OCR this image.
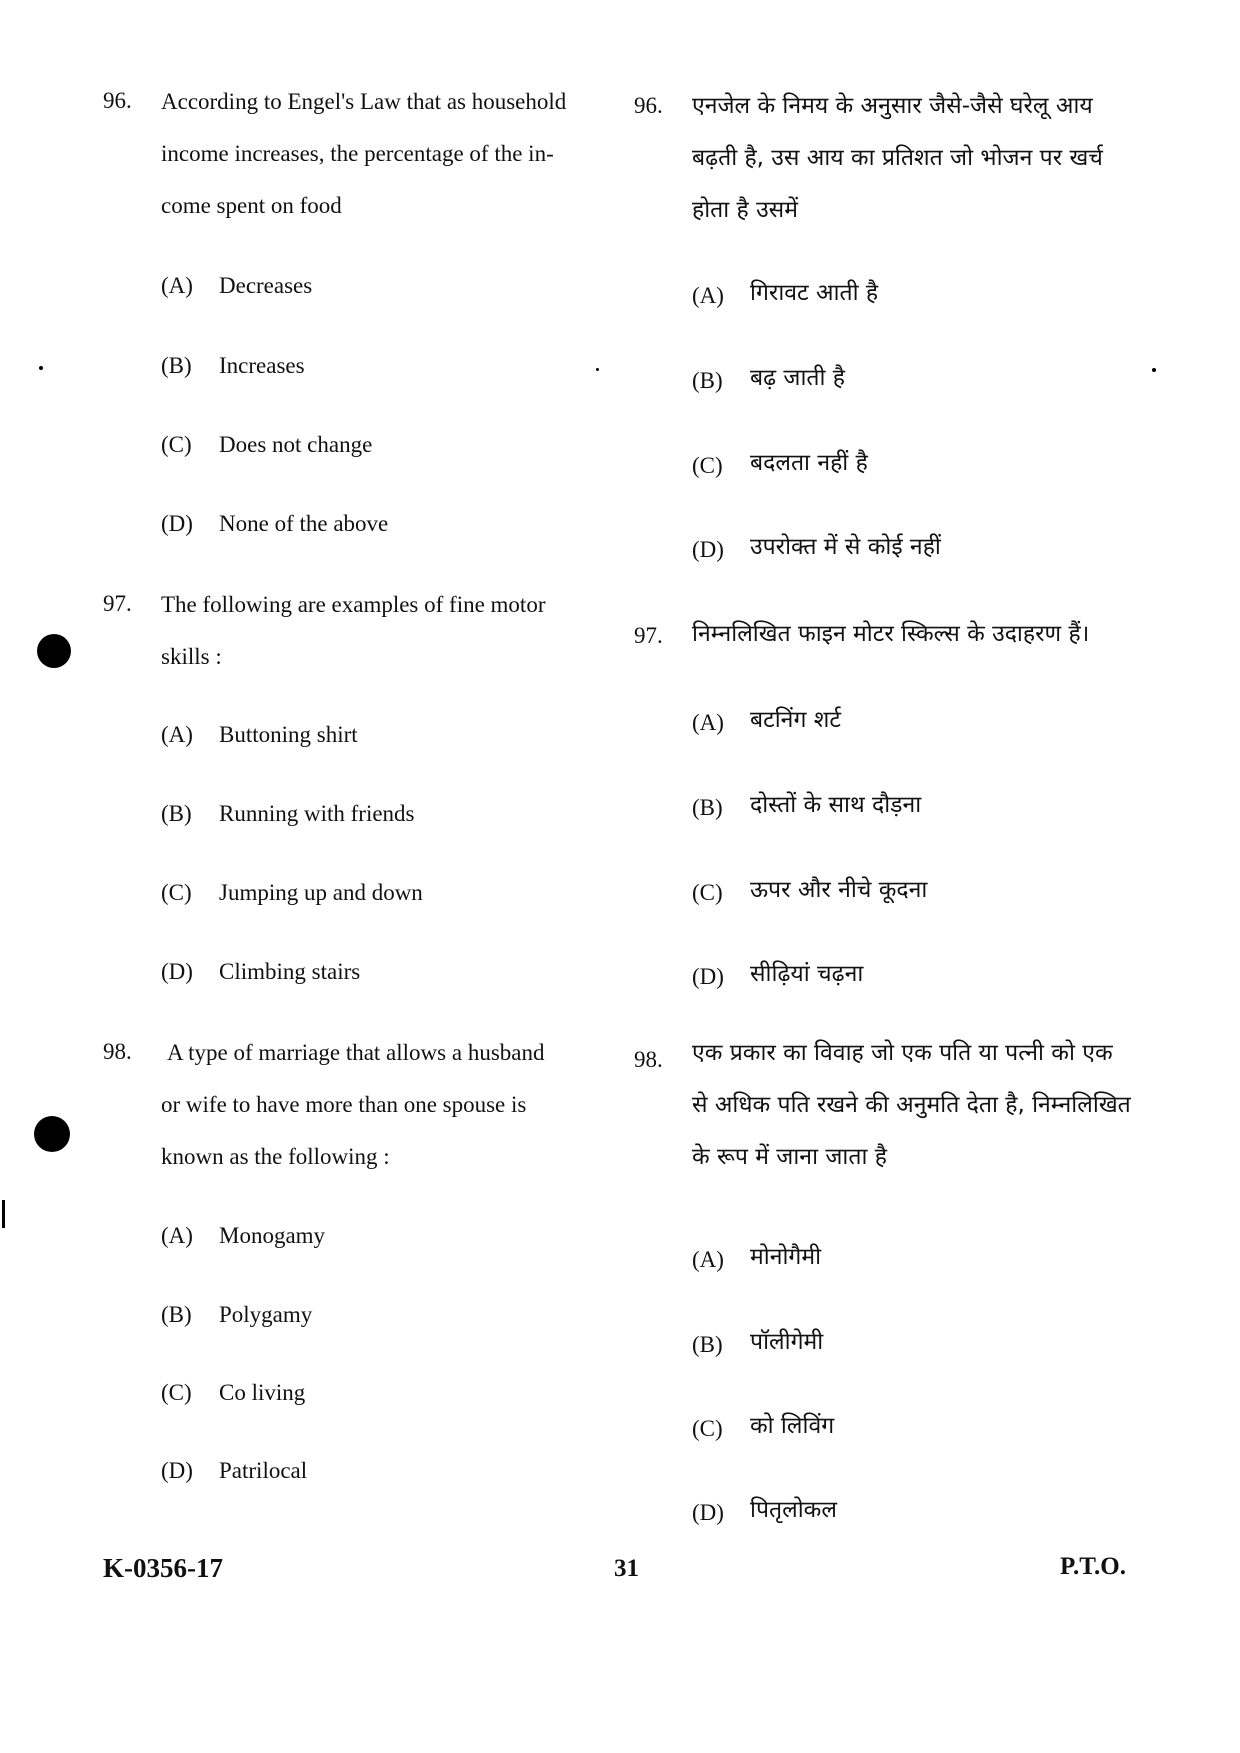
96. According to Engel's Law that as household
income increases, the percentage of the in-
come spent on food
(A) Decreases
(B) Increases
(C) Does not change
(D) None of the above
97. The following are examples of fine motor
skills :
(A) Buttoning shirt
(B) Running with friends
(C) Jumping up and down
(D) Climbing stairs
98. A type of marriage that allows a husband
or wife to have more than one spouse is
known as the following :
(A) Monogamy
(B) Polygamy
(C) Co living
(D) Patrilocal
96. एनजेल के निमय के अनुसार जैसे-जैसे घरेलू आय
बढ़ती है, उस आय का प्रतिशत जो भोजन पर खर्च
होता है उसमें
(A) गिरावट आती है
(B) बढ़ जाती है
(C) बदलता नहीं है
(D) उपरोक्त में से कोई नहीं
97. निम्नलिखित फाइन मोटर स्किल्स के उदाहरण हैं।
(A) बटनिंग शर्ट
(B) दोस्तों के साथ दौड़ना
(C) ऊपर और नीचे कूदना
(D) सीढ़ियां चढ़ना
98. एक प्रकार का विवाह जो एक पति या पत्नी को एक
से अधिक पति रखने की अनुमति देता है, निम्नलिखित
के रूप में जाना जाता है
(A) मोनोगैमी
(B) पॉलीगेमी
(C) को लिविंग
(D) पितृलोकल
K-0356-17	31	P.T.O.
